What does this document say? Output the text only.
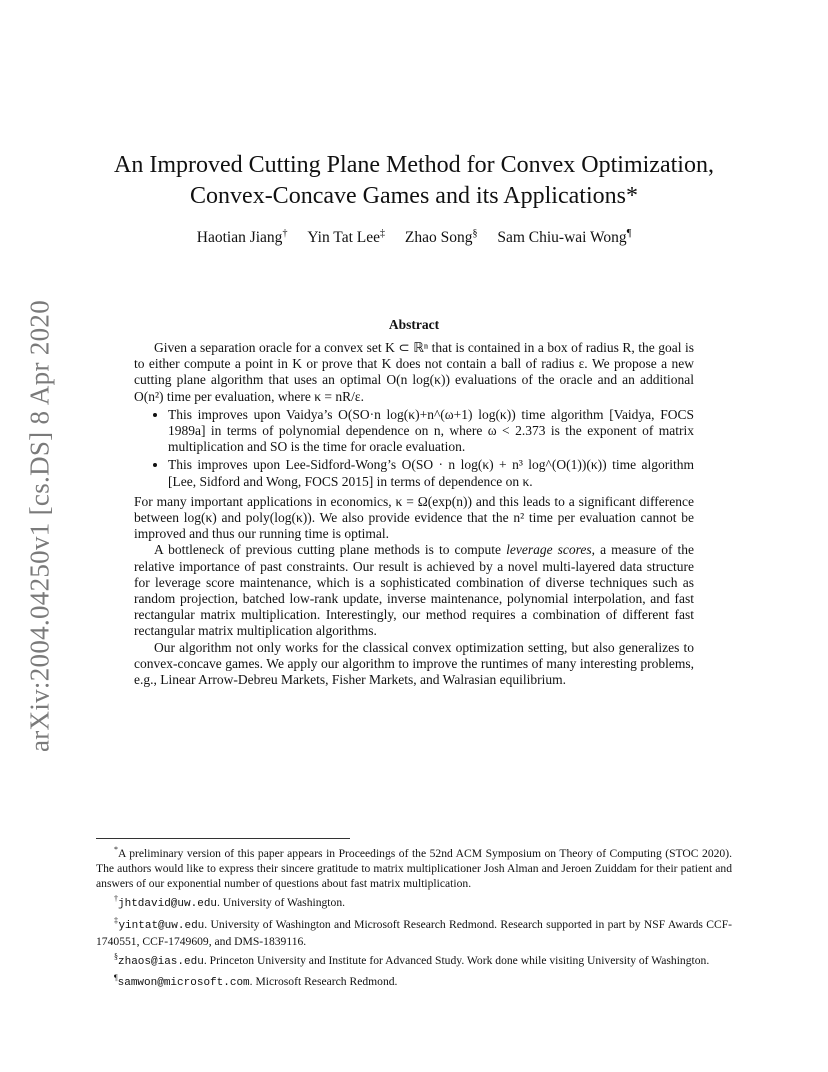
arXiv:2004.04250v1 [cs.DS] 8 Apr 2020
An Improved Cutting Plane Method for Convex Optimization,
Convex-Concave Games and its Applications*
Haotian Jiang† Yin Tat Lee‡ Zhao Song§ Sam Chiu-wai Wong¶
Abstract

Given a separation oracle for a convex set K ⊂ ℝⁿ that is contained in a box of radius R, the goal is to either compute a point in K or prove that K does not contain a ball of radius ε. We propose a new cutting plane algorithm that uses an optimal O(n log(κ)) evaluations of the oracle and an additional O(n²) time per evaluation, where κ = nR/ε.

• This improves upon Vaidya’s O(SO·n log(κ)+n^(ω+1) log(κ)) time algorithm [Vaidya, FOCS 1989a] in terms of polynomial dependence on n, where ω < 2.373 is the exponent of matrix multiplication and SO is the time for oracle evaluation.
• This improves upon Lee-Sidford-Wong’s O(SO · n log(κ) + n³ log^(O(1))(κ)) time algorithm [Lee, Sidford and Wong, FOCS 2015] in terms of dependence on κ.

For many important applications in economics, κ = Ω(exp(n)) and this leads to a significant difference between log(κ) and poly(log(κ)). We also provide evidence that the n² time per evaluation cannot be improved and thus our running time is optimal.

A bottleneck of previous cutting plane methods is to compute leverage scores, a measure of the relative importance of past constraints. Our result is achieved by a novel multi-layered data structure for leverage score maintenance, which is a sophisticated combination of diverse techniques such as random projection, batched low-rank update, inverse maintenance, polynomial interpolation, and fast rectangular matrix multiplication. Interestingly, our method requires a combination of different fast rectangular matrix multiplication algorithms.

Our algorithm not only works for the classical convex optimization setting, but also generalizes to convex-concave games. We apply our algorithm to improve the runtimes of many interesting problems, e.g., Linear Arrow-Debreu Markets, Fisher Markets, and Walrasian equilibrium.

*A preliminary version of this paper appears in Proceedings of the 52nd ACM Symposium on Theory of Computing (STOC 2020). The authors would like to express their sincere gratitude to matrix multiplicationer Josh Alman and Jeroen Zuiddam for their patient and answers of our exponential number of questions about fast matrix multiplication.

†jhtdavid@uw.edu. University of Washington.

‡yintat@uw.edu. University of Washington and Microsoft Research Redmond. Research supported in part by NSF Awards CCF-1740551, CCF-1749609, and DMS-1839116.

§zhaos@ias.edu. Princeton University and Institute for Advanced Study. Work done while visiting University of Washington.

¶samwon@microsoft.com. Microsoft Research Redmond.
